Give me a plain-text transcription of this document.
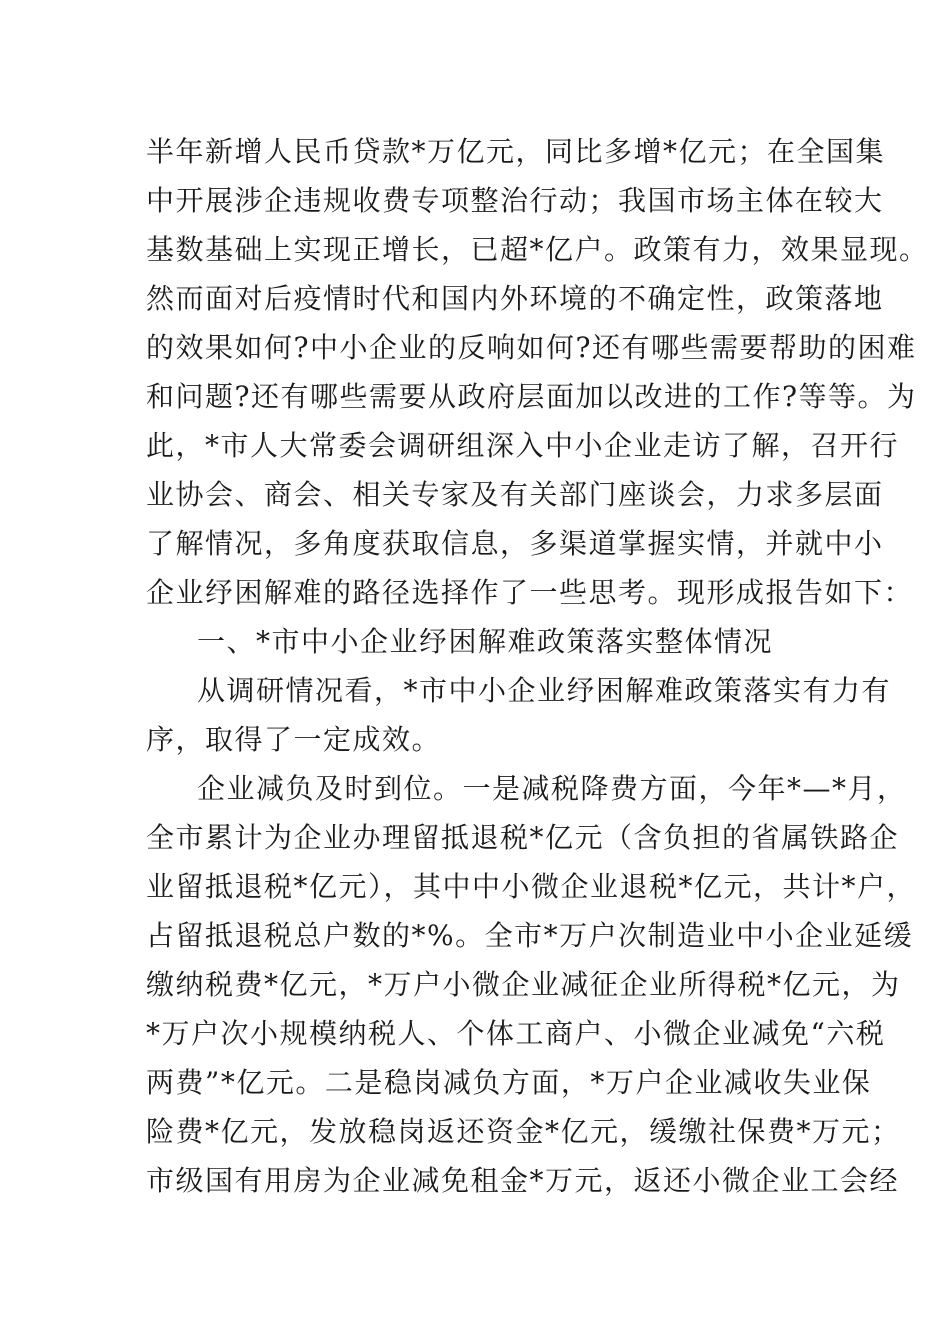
半年新增人民币贷款*万亿元，同比多增*亿元；在全国集
中开展涉企违规收费专项整治行动；我国市场主体在较大
基数基础上实现正增长，已超*亿户。政策有力，效果显现。
然而面对后疫情时代和国内外环境的不确定性，政策落地
的效果如何?中小企业的反响如何?还有哪些需要帮助的困难
和问题?还有哪些需要从政府层面加以改进的工作?等等。为
此，*市人大常委会调研组深入中小企业走访了解，召开行
业协会、商会、相关专家及有关部门座谈会，力求多层面
了解情况，多角度获取信息，多渠道掌握实情，并就中小
企业纾困解难的路径选择作了一些思考。现形成报告如下：
一、*市中小企业纾困解难政策落实整体情况
从调研情况看，*市中小企业纾困解难政策落实有力有
序，取得了一定成效。
企业减负及时到位。一是减税降费方面，今年*—*月，
全市累计为企业办理留抵退税*亿元（含负担的省属铁路企
业留抵退税*亿元），其中中小微企业退税*亿元，共计*户，
占留抵退税总户数的*%。全市*万户次制造业中小企业延缓
缴纳税费*亿元，*万户小微企业减征企业所得税*亿元，为
*万户次小规模纳税人、个体工商户、小微企业减免“六税
两费”*亿元。二是稳岗减负方面，*万户企业减收失业保
险费*亿元，发放稳岗返还资金*亿元，缓缴社保费*万元；
市级国有用房为企业减免租金*万元，返还小微企业工会经
